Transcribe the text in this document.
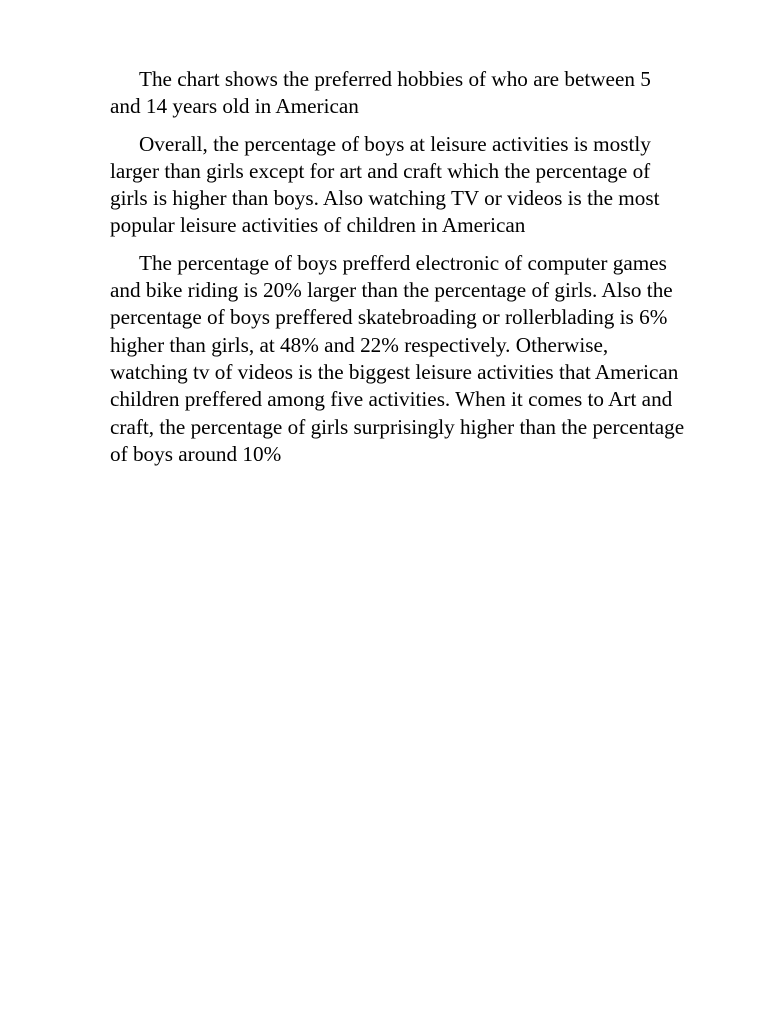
The chart shows the preferred hobbies of who are between 5 and 14 years old in American

Overall, the percentage of boys at leisure activities is mostly larger than girls except for art and craft which the percentage of girls is higher than boys. Also watching TV or videos is the most popular leisure activities of children in American

The percentage of boys prefferd electronic of computer games and bike riding is 20% larger than the percentage of girls. Also the percentage of boys preffered skatebroading or rollerblading is 6% higher than girls, at 48% and 22% respectively. Otherwise, watching tv of videos is the biggest leisure activities that American children preffered among five activities. When it comes to Art and craft, the percentage of girls surprisingly higher than the percentage of boys around 10%
